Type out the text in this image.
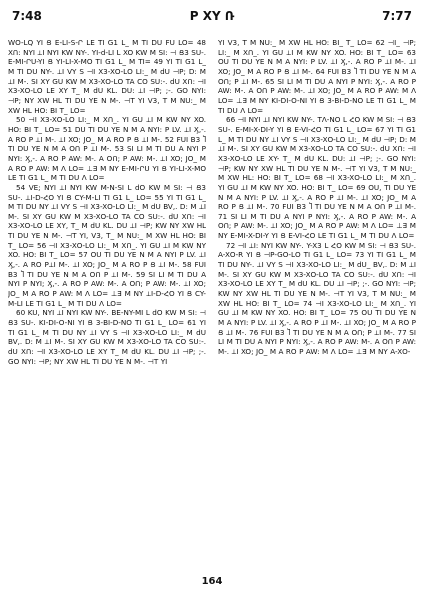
7:48	P XY Ռ	7:77

WO-LQ YI Ց E-LI-S-Ր LE TI G1 L_ M TI DU FU LO= 48 XՈ: NYI ⟂I NYI KW NY-. YI-d-LI Լ XO KW M SI: ⊣ Ց3 SU-. E-MI-ՐU-YI Ց YI-LI-X-MՕ TI G1 L_ M TI= 49 YI TI G1 L_ M TI DU NY-. ⟂I VY S ⊣I X3-XՕ-LՕ LI:_ M dU ⊣P; D: M ⟂I M-. SI XY GU KW M X3-XՕ-LՕ TA CՕ SU:-. dU XՈ: ⊣I X3-XՕ-LՕ LE XY T_ M dU KԼ. DU: ⟂I ⊣P; ;-. GO NYI: ⊣P; NY XW HԼ TI DU YE N M-. ⊣T YI V3, T M NU:_ M XW HԼ HO: BI T_ LO=

50 ⊣I X3-XՕ-LՕ LI:_ M XՈ_. YI GU ⟂I M KW NY XO. HO: BI T_ LO= 51 DU TI DU YE N M A NYI: P LV. ⟂I Ӽ,-. A RO P ⟂I M-. ⟂I XO; JO_ M A RO P Ց ⟂I M-. 52 FUI B3 Ⴈ TI DU YE N M A ՕՈ P ⟂I M-. 53 SI LI M TI DU A NYI P NYI: Ӽ,-. A RO P AW: M-. A ՕՈ; P AW: M-. ⟂I XO; JO_ M A RO P AW: M Λ LO= ⊥Ǝ M NY E-MI-ՐU YI Ց YI-LI-X-MՕ LE TI G1 L_ M TI DU Λ LO=

54 VE; NYI ⟂I NYI KW M-N-SI Լ dO KW M SI: ⊣ Ց3 SU-. ⟂I-D-ՀՕ YI Ց CY-M-LI TI G1 L_ LO= 55 YI TI G1 L_ M TI DU NY ⟂I VY S ⊣I X3-XՕ-LՕ LI:_ M dU BV,. D: M ⟂I M-. SI XY GU KW M X3-XՕ-LՕ TA CՕ SU:-. dU XՈ: ⊣I X3-XՕ-LՕ LE XY, T_ M dU KԼ. DU ⟂I ⊣P; KW NY XW HԼ TI DU YE N M-. ⊣T YI, V3, T_ M NU:_ M XW HԼ HO: BI T_ LO= 56 ⊣I X3-XՕ-LՕ LI:_ M XՈ_. YI GU ⟂I M KW NY XO. HO: BI T_ LO= 57 ՕU TI DU YE N M A NYI P LV. ⟂I Ӽ,-. A RO P⟂I M-. ⟂I XO; JO_ M A RO P Ց ⟂I M-. 58 FUI B3 Ⴈ TI DU YE N M A ՕՈ P ⟂I M-. 59 SI LI M TI DU A NYI P NYI; Ӽ,-. A RO P AW: M-. A ՕՈ; P AW: M-. ⟂I XO; JO_ M A RO P AW: M Λ LO= ⊥Ǝ M NY ⟂I-D-ՀՕ YI Ց CY-M-LI LE TI G1 L_ M TI DU Λ LO=

60 KU, NYI ⟂I NYI KW NY-. BE-NY-MI Լ dO KW M SI: ⊣ Ց3 SU-. KI-DI-O-NI YI Ց 3-BI-D-NՕ TI G1 L_ LO= 61 YI TI G1 L_ M TI DU NY ⟂I VY S ⊣I X3-XՕ-LՕ LI:_ M dU BV,. D: M ⟂I M-. SI XY GU KW M X3-XՕ-LՕ TA CՕ SU:-. dU XՈ: ⊣I X3-XՕ-LՕ LE XY T_ M dU KԼ. DU ⟂I ⊣P; ;-. GO NYI: ⊣P; NY XW HԼ TI DU YE N M-. ⊣T YI

YI V3, T M NU:_ M XW HԼ HO: BI_ T_ LO= 62 ⊣I_ ⊣P; LI:_ M XՈ_. YI GU ⟂I M KW NY XO. HO: BI T_ LO= 63 ՕU TI DU YE N M A NYI: P LV. ⟂I Ӽ,-. A RO P ⟂I M-. ⟂I XO; JO_ M A RO P Ց ⟂I M-. 64 FUI B3 Ⴈ TI DU YE N M A ՕՈ; P ⟂I M-. 65 SI LI M TI DU A NYI P NYI: Ӽ,-. A RO P AW: M-. A ՕՈ P AW: M-. ⟂I XO; JO_ M A RO P AW: M Λ LO= ⊥Ǝ M NY KI-DI-O-NI YI Ց 3-BI-D-NՕ LE TI G1 L_ M TI DU Λ LO=

66 ⊣I NYI ⟂I NYI KW NY-. ΤΛ-ΝՕ Լ ՀO KW M SI: ⊣ Ց3 SU-. E-MI-X-DI-Y YI Ց E-VI-ՀՕ TI G1 L_ LO= 67 YI TI G1 L_ M TI DU NY ⟂I VY S ⊣I X3-XՕ-LՕ LI:_ M dU ⊣P; D: M ⟂I M-. SI XY GU KW M X3-XՕ-LՕ TA CՕ SU:-. dU XՈ: ⊣I X3-XՕ-LՕ LE XY- T_ M dU KԼ. DU: ⟂I ⊣P; ;-. GO NYI: ⊣P; KW NY XW HԼ TI DU YE N M-. ⊣T YI V3, T M NU:_ M XW HԼ: HO: BI T_ LO= 68 ⊣I X3-XՕ-LՕ LI:_ M XՈ_. YI GU ⟂I M KW NY XO. HO: BI T_ LO= 69 ՕU, TI DU YE N M A NYI: P LV. ⟂I Ӽ,-. A RO P ⟂I M-. ⟂I XO; JO_ M A RO P Ց ⟂I M-. 70 FUI B3 Ⴈ TI DU YE N M A ՕՈ P ⟂I M-. 71 SI LI M TI DU A NYI P NYI: Ӽ,-. A RO P AW: M-. A ՕՈ; P AW: M-. ⟂I XO; JO_ M A RO P AW: M Λ LO= ⊥Ǝ M NY E-MI-X-DI-Y YI Ց E-VI-ՀՕ LE TI G1 L_ M TI DU Λ LO=

72 ⊣I ⟂I: NYI KW NY-. Y-X3 Լ ՀO KW M SI: ⊣ Ց3 SU-. A-XՕ-R YI Ց ⊣P-GՕ-LՕ TI G1 L_ LO= 73 YI TI G1 L_ M TI DU NY-. ⟂I VY S ⊣I X3-XՕ-LՕ LI:_ M dU_ BV,. D: M ⟂I M-. SI XY GU KW M X3-XՕ-LՕ TA CՕ SU:-. dU XՈ: ⊣I X3-XՕ-LՕ LE XY T_ M dU KԼ. DU ⟂I ⊣P; ;-. GO NYI: ⊣P; KW NY XW HԼ TI DU YE N M-. ⊣T YI V3, T M NU:_ M XW HԼ HO: BI T_ LO= 74 ⊣I X3-XՕ-LՕ LI:_ M XՈ_. YI GU ⟂I M KW NY XO. HO: BI T_ LO= 75 ՕU TI DU YE N M A NYI: P LV. ⟂I Ӽ,-. A RO P ⟂I M-. ⟂I XO; JO_ M A RO P Ց ⟂I M-. 76 FUI B3 Ⴈ TI DU YE N M A ՕՈ; P ⟂I M-. 77 SI LI M TI DU A NYI P NYI: Ӽ,-. A RO P AW: M-. A ՕՈ P AW: M-. ⟂I XO; JO_ M A RO P AW: M Λ LO= ⊥Ǝ M NY A-XՕ-

164
